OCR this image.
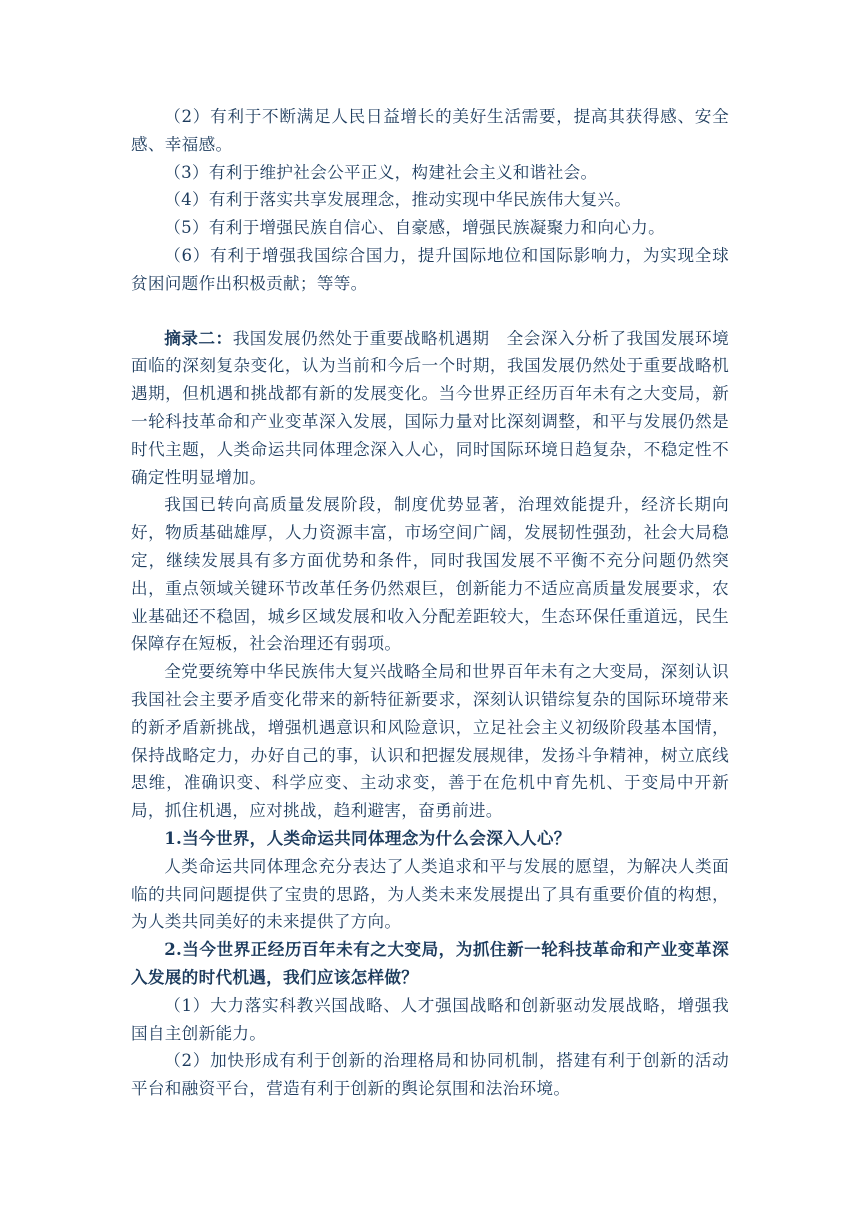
（2）有利于不断满足人民日益增长的美好生活需要，提高其获得感、安全感、幸福感。

（3）有利于维护社会公平正义，构建社会主义和谐社会。

（4）有利于落实共享发展理念，推动实现中华民族伟大复兴。

（5）有利于增强民族自信心、自豪感，增强民族凝聚力和向心力。

（6）有利于增强我国综合国力，提升国际地位和国际影响力，为实现全球贫困问题作出积极贡献；等等。

摘录二：我国发展仍然处于重要战略机遇期　全会深入分析了我国发展环境面临的深刻复杂变化，认为当前和今后一个时期，我国发展仍然处于重要战略机遇期，但机遇和挑战都有新的发展变化。当今世界正经历百年未有之大变局，新一轮科技革命和产业变革深入发展，国际力量对比深刻调整，和平与发展仍然是时代主题，人类命运共同体理念深入人心，同时国际环境日趋复杂，不稳定性不确定性明显增加。

我国已转向高质量发展阶段，制度优势显著，治理效能提升，经济长期向好，物质基础雄厚，人力资源丰富，市场空间广阔，发展韧性强劲，社会大局稳定，继续发展具有多方面优势和条件，同时我国发展不平衡不充分问题仍然突出，重点领域关键环节改革任务仍然艰巨，创新能力不适应高质量发展要求，农业基础还不稳固，城乡区域发展和收入分配差距较大，生态环保任重道远，民生保障存在短板，社会治理还有弱项。

全党要统筹中华民族伟大复兴战略全局和世界百年未有之大变局，深刻认识我国社会主要矛盾变化带来的新特征新要求，深刻认识错综复杂的国际环境带来的新矛盾新挑战，增强机遇意识和风险意识，立足社会主义初级阶段基本国情，保持战略定力，办好自己的事，认识和把握发展规律，发扬斗争精神，树立底线思维，准确识变、科学应变、主动求变，善于在危机中育先机、于变局中开新局，抓住机遇，应对挑战，趋利避害，奋勇前进。

1.当今世界，人类命运共同体理念为什么会深入人心？

人类命运共同体理念充分表达了人类追求和平与发展的愿望，为解决人类面临的共同问题提供了宝贵的思路，为人类未来发展提出了具有重要价值的构想，为人类共同美好的未来提供了方向。

2.当今世界正经历百年未有之大变局，为抓住新一轮科技革命和产业变革深入发展的时代机遇，我们应该怎样做？

（1）大力落实科教兴国战略、人才强国战略和创新驱动发展战略，增强我国自主创新能力。

（2）加快形成有利于创新的治理格局和协同机制，搭建有利于创新的活动平台和融资平台，营造有利于创新的舆论氛围和法治环境。
